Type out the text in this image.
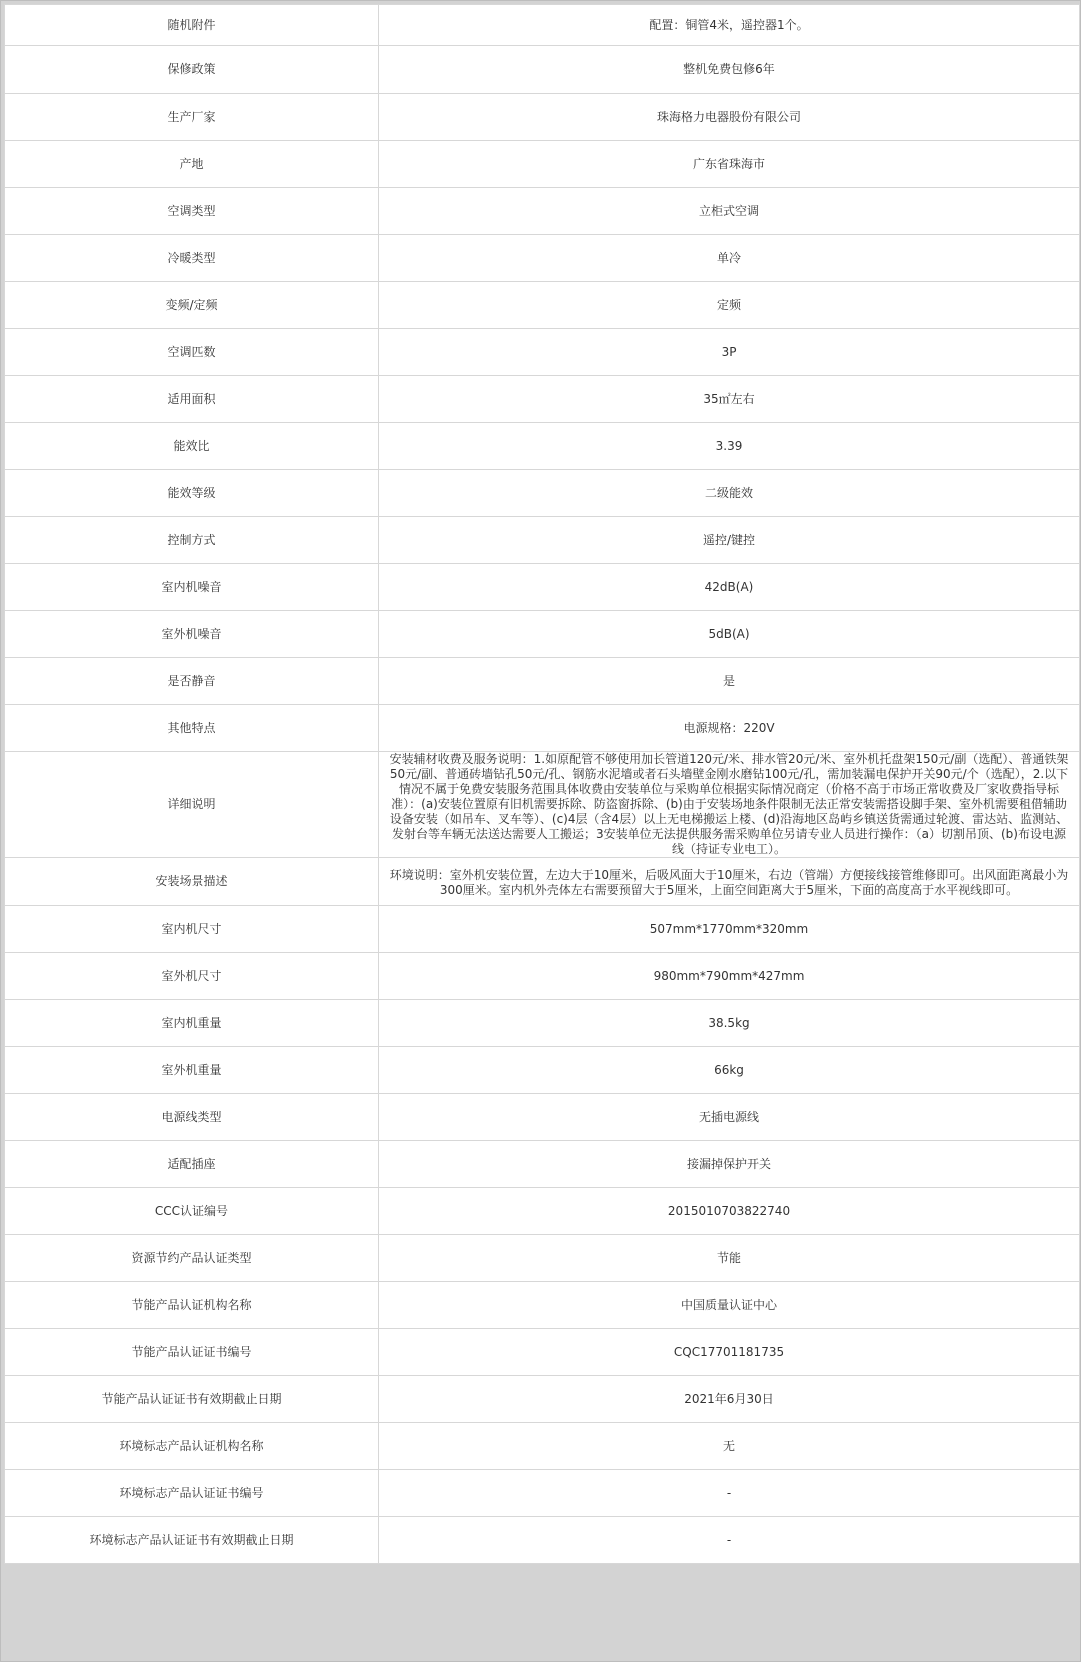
随机附件	配置：铜管4米，遥控器1个。
保修政策	整机免费包修6年
生产厂家	珠海格力电器股份有限公司
产地	广东省珠海市
空调类型	立柜式空调
冷暖类型	单冷
变频/定频	定频
空调匹数	3P
适用面积	35㎡左右
能效比	3.39
能效等级	二级能效
控制方式	遥控/键控
室内机噪音	42dB(A)
室外机噪音	5dB(A)
是否静音	是
其他特点	电源规格：220V
详细说明	安装辅材收费及服务说明：1.如原配管不够使用加长管道120元/米、排水管20元/米、室外机托盘架150元/副（选配）、普通铁架50元/副、普通砖墙钻孔50元/孔、钢筋水泥墙或者石头墙壁金刚水磨钻100元/孔，需加装漏电保护开关90元/个（选配），2.以下情况不属于免费安装服务范围具体收费由安装单位与采购单位根据实际情况商定（价格不高于市场正常收费及厂家收费指导标准）：(a)安装位置原有旧机需要拆除、防盗窗拆除、(b)由于安装场地条件限制无法正常安装需搭设脚手架、室外机需要租借辅助设备安装（如吊车、叉车等）、(c)4层（含4层）以上无电梯搬运上楼、(d)沿海地区岛屿乡镇送货需通过轮渡、雷达站、监测站、发射台等车辆无法送达需要人工搬运；3安装单位无法提供服务需采购单位另请专业人员进行操作：（a）切割吊顶、(b)布设电源线（持证专业电工）。
安装场景描述	环境说明：室外机安装位置，左边大于10厘米，后吸风面大于10厘米，右边（管端）方便接线接管维修即可。出风面距离最小为300厘米。室内机外壳体左右需要预留大于5厘米，上面空间距离大于5厘米，下面的高度高于水平视线即可。
室内机尺寸	507mm*1770mm*320mm
室外机尺寸	980mm*790mm*427mm
室内机重量	38.5kg
室外机重量	66kg
电源线类型	无插电源线
适配插座	接漏掉保护开关
CCC认证编号	2015010703822740
资源节约产品认证类型	节能
节能产品认证机构名称	中国质量认证中心
节能产品认证证书编号	CQC17701181735
节能产品认证证书有效期截止日期	2021年6月30日
环境标志产品认证机构名称	无
环境标志产品认证证书编号	-
环境标志产品认证证书有效期截止日期	-
